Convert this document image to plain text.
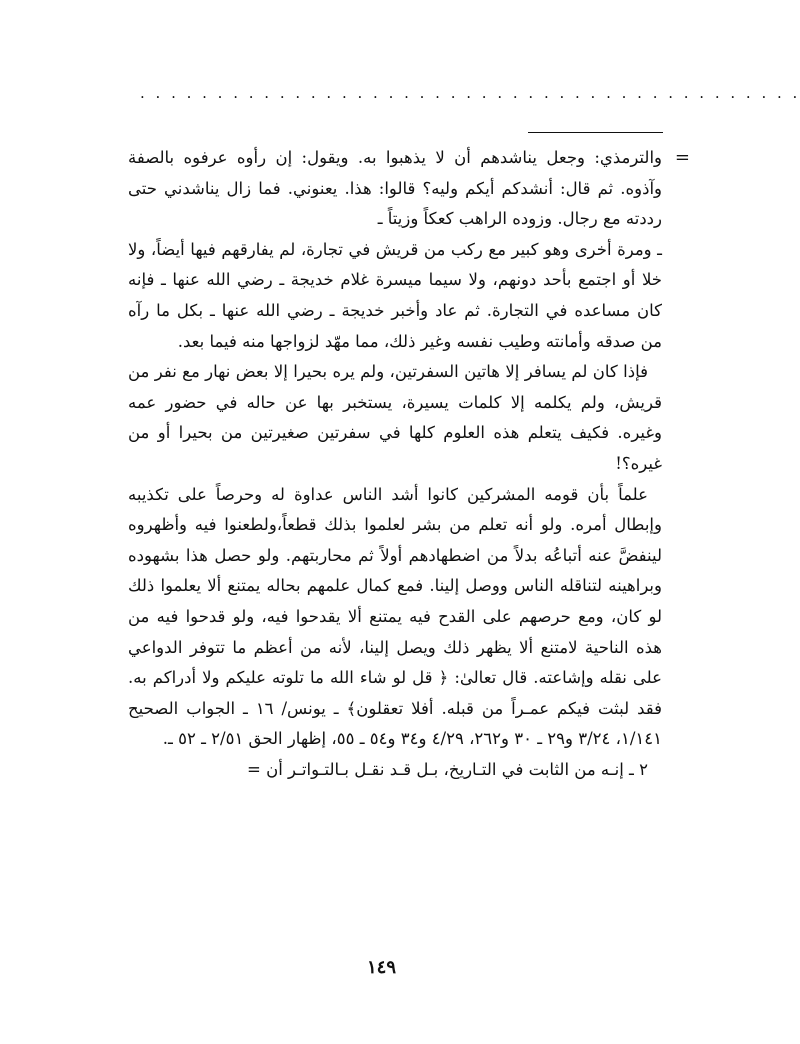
. . . . . . . . . . . . . . . . . . . . . . . . . . . . . . . . . . . . . . . . . . .
=

والترمذي: وجعل يناشدهم أن لا يذهبوا به. ويقول: إن رأوه عرفوه بالصفة وآذوه. ثم قال: أنشدكم أيكم وليه؟ قالوا: هذا. يعنوني. فما زال يناشدني حتى رددته مع رجال. وزوده الراهب كعكاً وزيتاً ـ

ـ ومرة أخرى وهو كبير مع ركب من قريش في تجارة، لم يفارقهم فيها أيضاً، ولا خلا أو اجتمع بأحد دونهم، ولا سيما ميسرة غلام خديجة ـ رضي الله عنها ـ فإنه كان مساعده في التجارة. ثم عاد وأخبر خديجة ـ رضي الله عنها ـ بكل ما رآه من صدقه وأمانته وطيب نفسه وغير ذلك، مما مهّد لزواجها منه فيما بعد.

فإذا كان لم يسافر إلا هاتين السفرتين، ولم يره بحيرا إلا بعض نهار مع نفر من قريش، ولم يكلمه إلا كلمات يسيرة، يستخبر بها عن حاله في حضور عمه وغيره. فكيف يتعلم هذه العلوم كلها في سفرتين صغيرتين من بحيرا أو من غيره؟!

علماً بأن قومه المشركين كانوا أشد الناس عداوة له وحرصاً على تكذيبه وإبطال أمره. ولو أنه تعلم من بشر لعلموا بذلك قطعاً،ولطعنوا فيه وأظهروه لينفضَّ عنه أتباعُه بدلاً من اضطهادهم أولاً ثم محاربتهم. ولو حصل هذا بشهوده وبراهينه لتناقله الناس ووصل إلينا. فمع كمال علمهم بحاله يمتنع ألا يعلموا ذلك لو كان، ومع حرصهم على القدح فيه يمتنع ألا يقدحوا فيه، ولو قدحوا فيه من هذه الناحية لامتنع ألا يظهر ذلك ويصل إلينا، لأنه من أعظم ما تتوفر الدواعي على نقله وإشاعته. قال تعالىٰ: ﴿ قل لو شاء الله ما تلوته عليكم ولا أدراكم به. فقد لبثت فيكم عمـراً من قبله. أفلا تعقلون﴾ ـ يونس/ ١٦ ـ الجواب الصحيح ١/١٤١، ٣/٢٤ و٢٩ ـ ٣٠ و٢٦٢، ٤/٢٩ و٣٤ و٥٤ ـ ٥٥، إظهار الحق ٢/٥١ ـ ٥٢ ـ.

٢ ـ إنـه من الثابت في التـاريخ، بـل قـد نقـل بـالتـواتـر أن =

١٤٩
